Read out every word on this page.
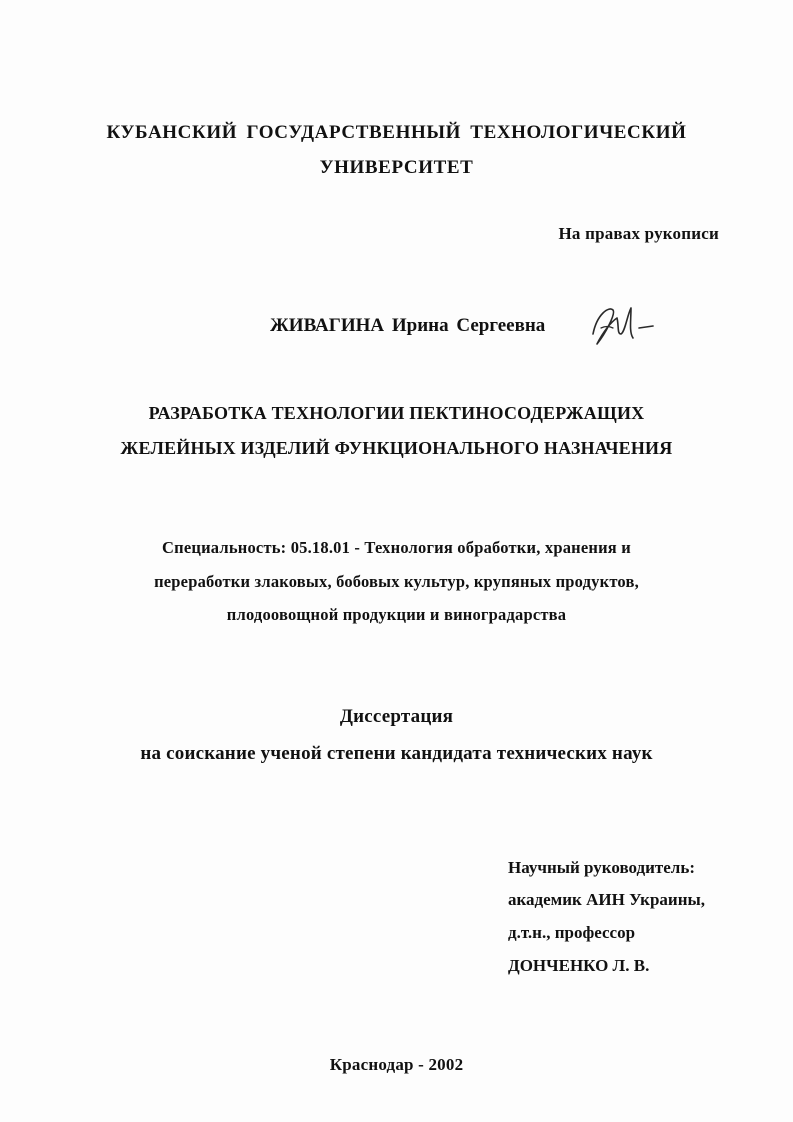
КУБАНСКИЙ ГОСУДАРСТВЕННЫЙ ТЕХНОЛОГИЧЕСКИЙ
УНИВЕРСИТЕТ
На правах рукописи
ЖИВАГИНА Ирина Сергеевна
РАЗРАБОТКА ТЕХНОЛОГИИ ПЕКТИНОСОДЕРЖАЩИХ
ЖЕЛЕЙНЫХ ИЗДЕЛИЙ ФУНКЦИОНАЛЬНОГО НАЗНАЧЕНИЯ
Специальность: 05.18.01 - Технология обработки, хранения и
переработки злаковых, бобовых культур, крупяных продуктов,
плодоовощной продукции и виноградарства
Диссертация
на соискание ученой степени кандидата технических наук
Научный руководитель:
академик АИН Украины,
д.т.н., профессор
ДОНЧЕНКО Л. В.
Краснодар - 2002
